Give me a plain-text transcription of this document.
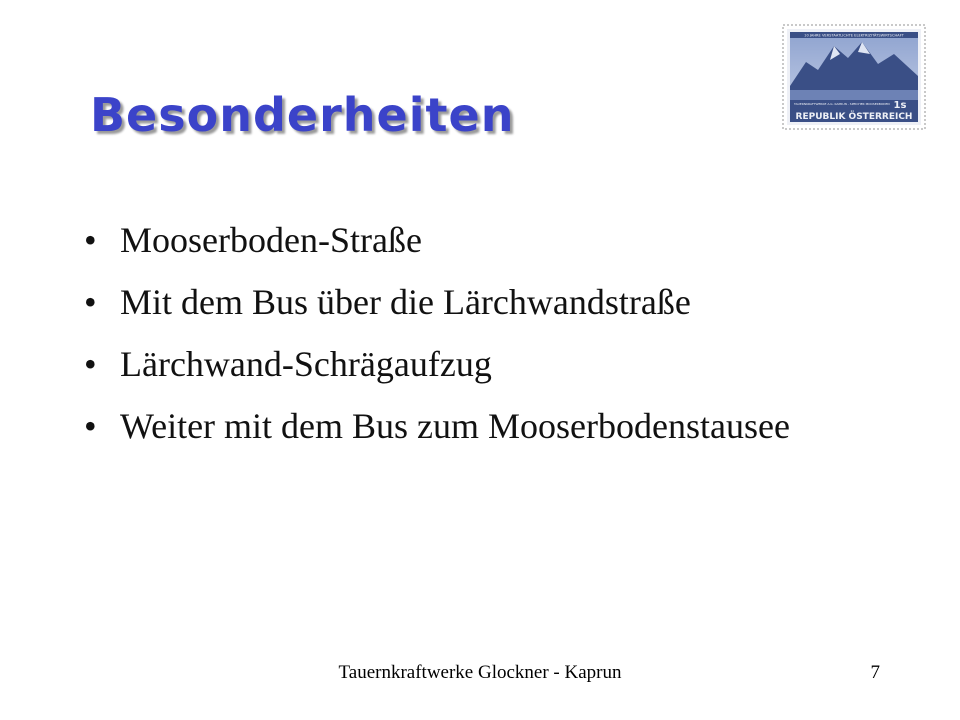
Besonderheiten
• Mooserboden-Straße
• Mit dem Bus über die Lärchwandstraße
• Lärchwand-Schrägaufzug
• Weiter mit dem Bus zum Mooserbodenstausee
10 JAHRE VERSTAATLICHTE ELEKTRIZITÄTSWIRTSCHAFT
TAUERNKRAFTWERKE A.G. KAPRUN - SPEICHER MOOSERBODEN 1s
REPUBLIK ÖSTERREICH
Tauernkraftwerke Glockner - Kaprun	7
